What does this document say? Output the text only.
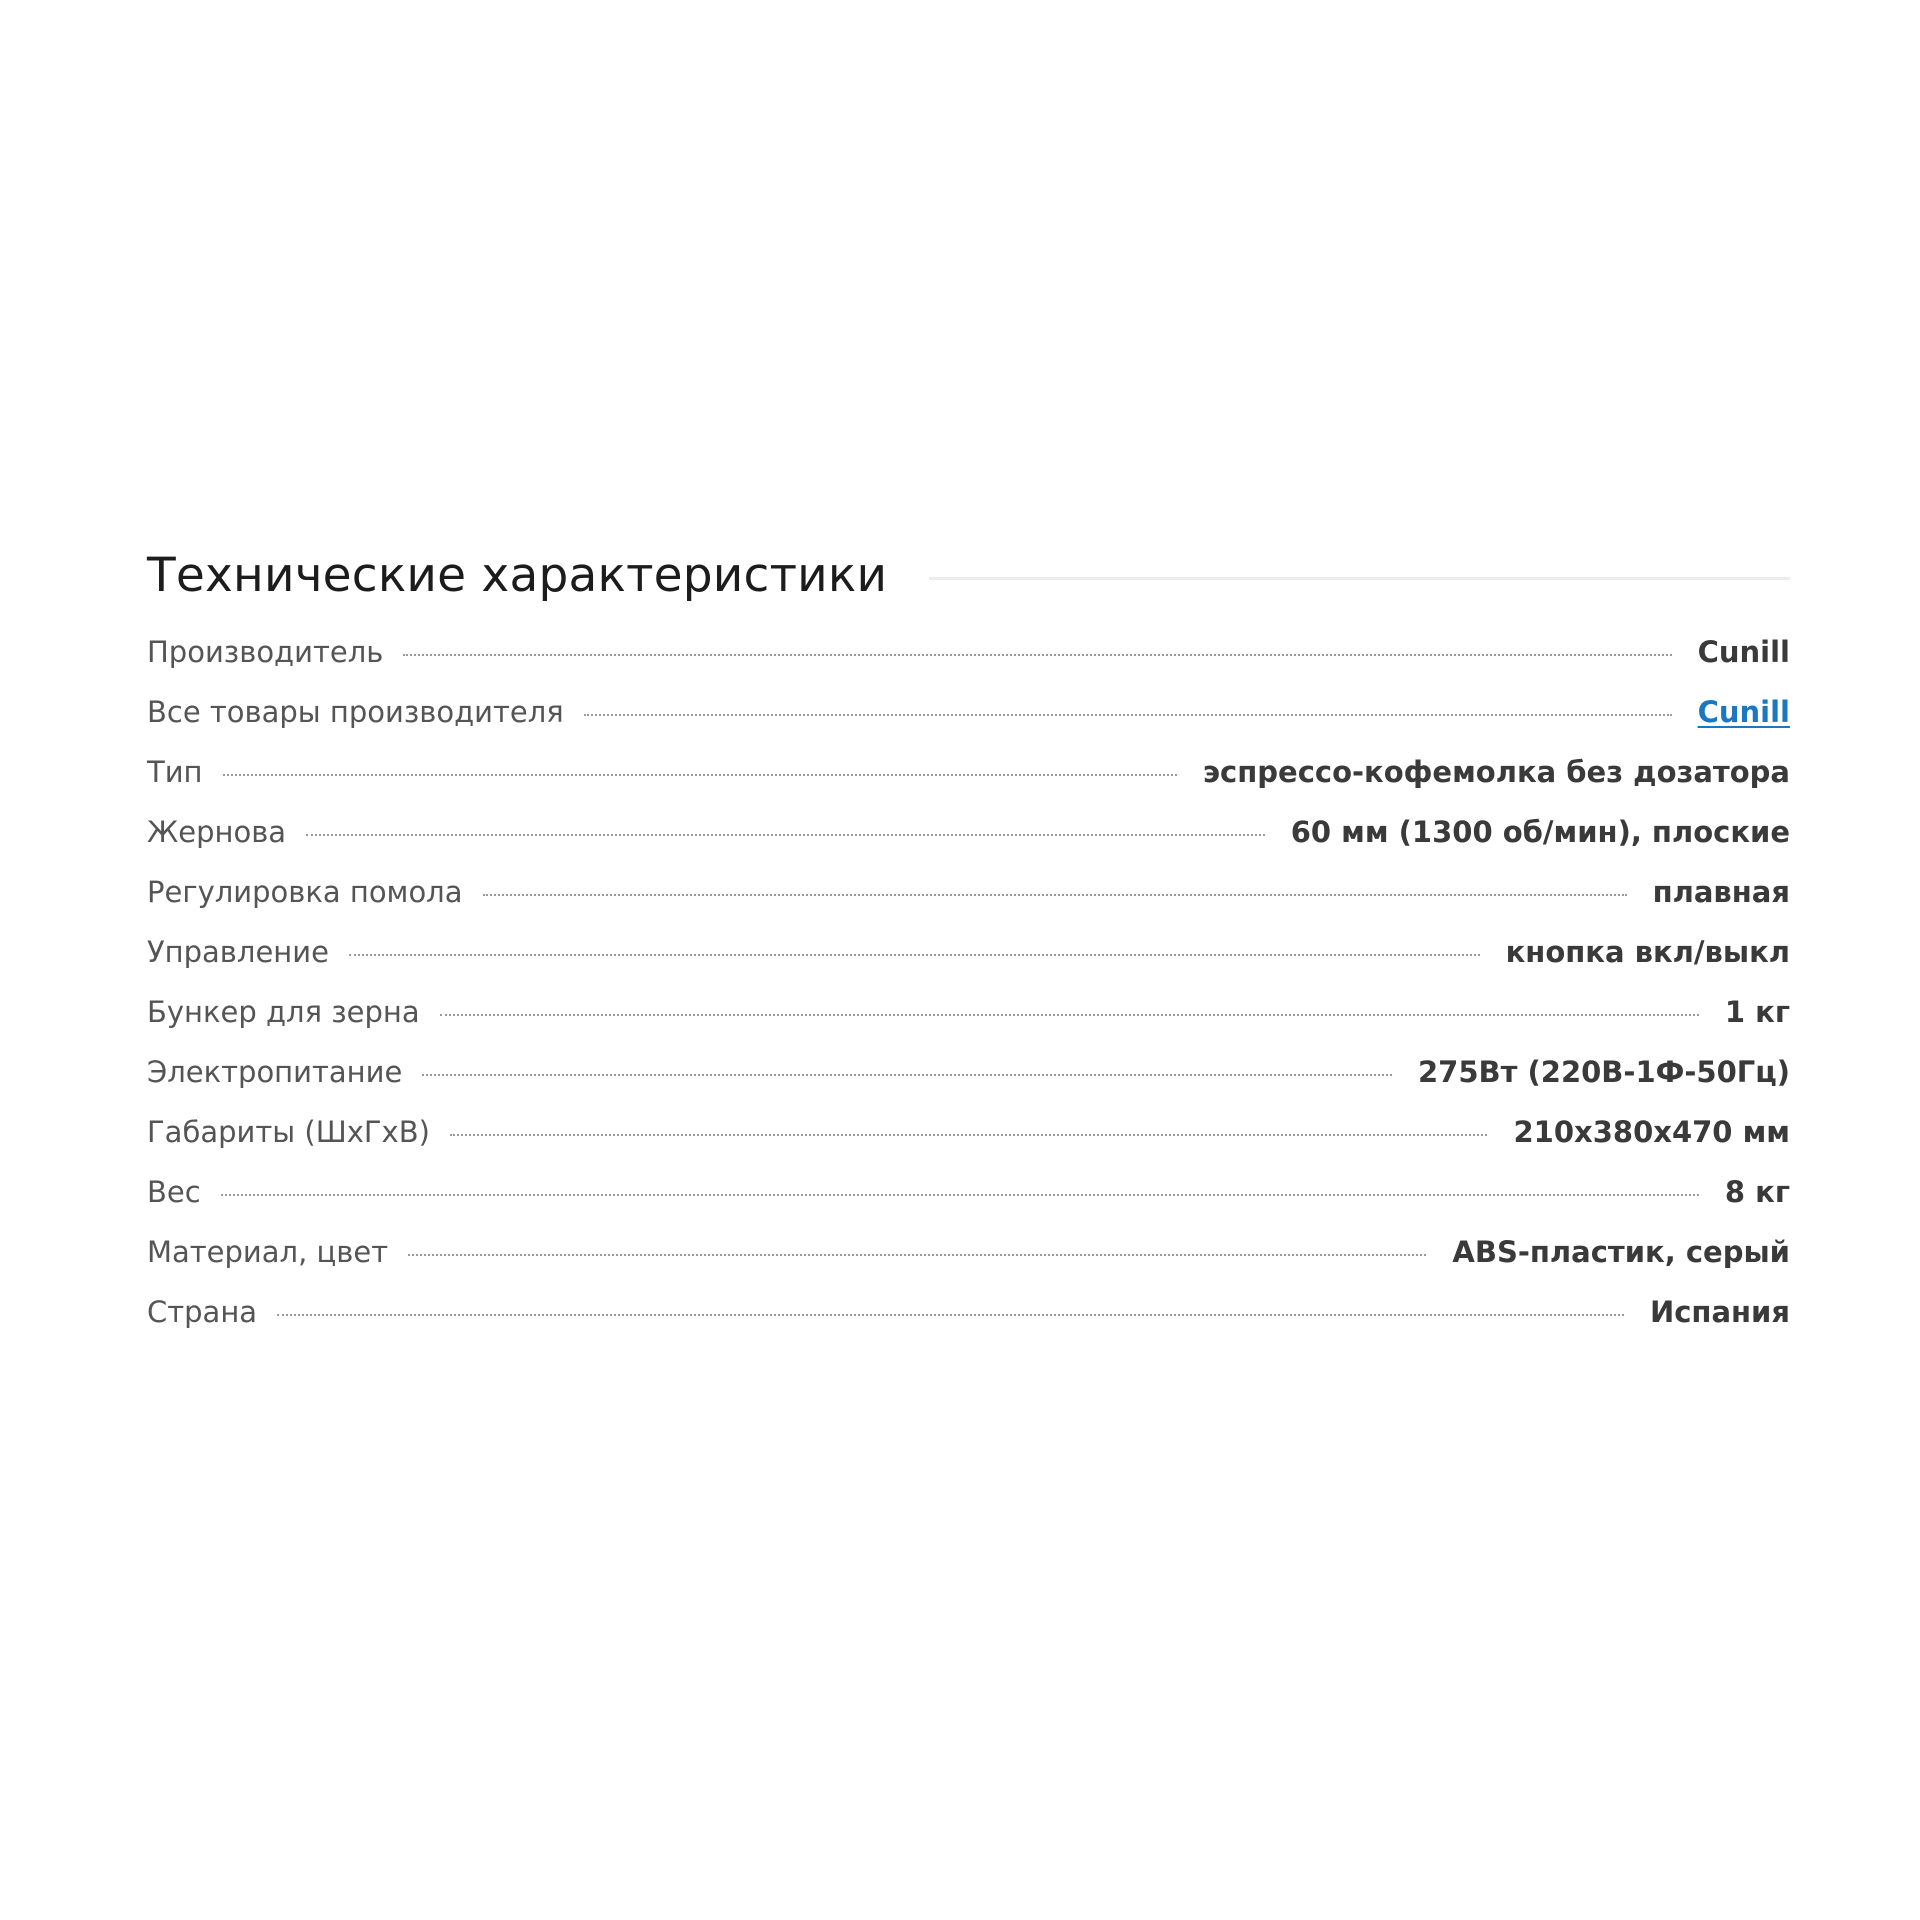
Технические характеристики
Производитель	Cunill
Все товары производителя	Cunill
Тип	эспрессо-кофемолка без дозатора
Жернова	60 мм (1300 об/мин), плоские
Регулировка помола	плавная
Управление	кнопка вкл/выкл
Бункер для зерна	1 кг
Электропитание	275Вт (220В-1Ф-50Гц)
Габариты (ШхГхВ)	210х380х470 мм
Вес	8 кг
Материал, цвет	ABS-пластик, серый
Страна	Испания
